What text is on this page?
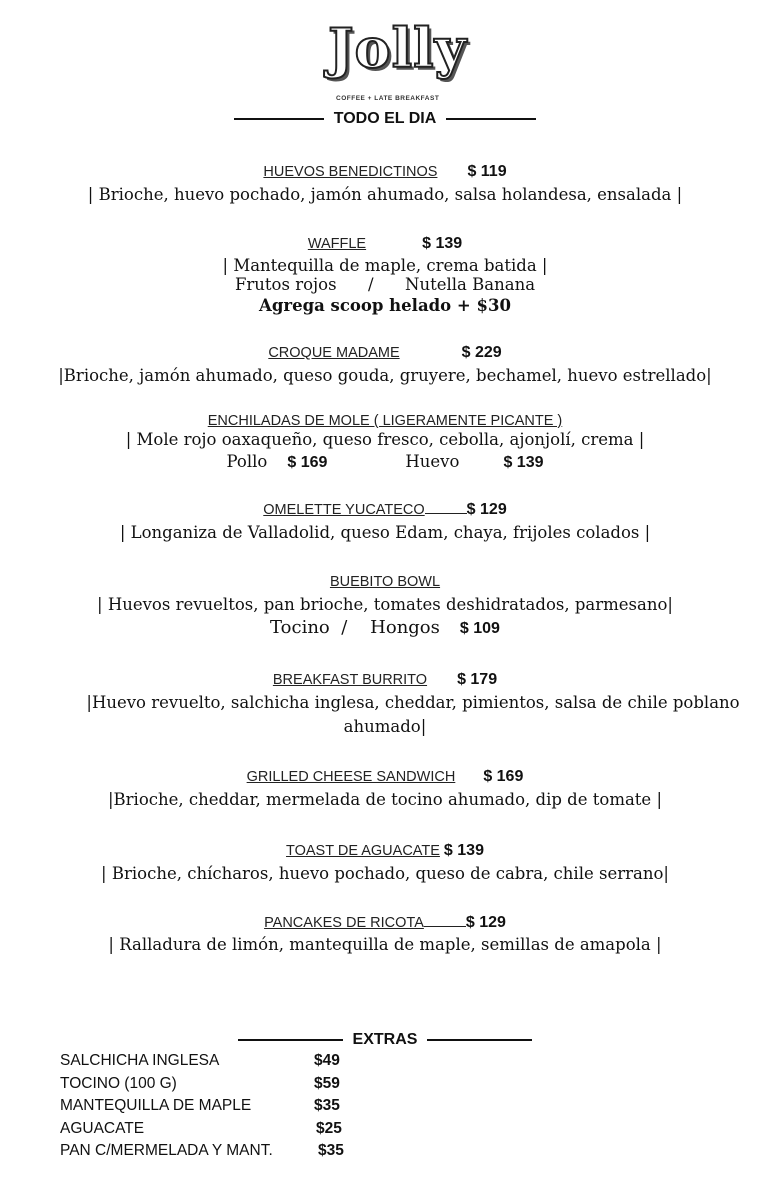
Jolly
COFFEE + LATE BREAKFAST
TODO EL DIA
HUEVOS BENEDICTINOS $ 119
| Brioche, huevo pochado, jamón ahumado, salsa holandesa, ensalada |
WAFFLE	$ 139
| Mantequilla de maple, crema batida |
Frutos rojos      /      Nutella Banana
Agrega scoop helado + $30
CROQUE MADAME	$ 229
|Brioche, jamón ahumado, queso gouda, gruyere, bechamel, huevo estrellado|
ENCHILADAS DE MOLE ( LIGERAMENTE PICANTE )
| Mole rojo oaxaqueño, queso fresco, cebolla, ajonjolí, crema |
Pollo $ 169	Huevo	$ 139
OMELETTE YUCATECO	$ 129
| Longaniza de Valladolid, queso Edam, chaya, frijoles colados |
BUEBITO BOWL
| Huevos revueltos, pan brioche, tomates deshidratados, parmesano|
Tocino  /    Hongos $ 109
BREAKFAST BURRITO $ 179
|Huevo revuelto, salchicha inglesa, cheddar, pimientos, salsa de chile poblano
ahumado|
GRILLED CHEESE SANDWICH $ 169
|Brioche, cheddar, mermelada de tocino ahumado, dip de tomate |
TOAST DE AGUACATE $ 139
| Brioche, chícharos, huevo pochado, queso de cabra, chile serrano|
PANCAKES DE RICOTA	$ 129
| Ralladura de limón, mantequilla de maple, semillas de amapola |
EXTRAS
SALCHICHA INGLESA	$49
TOCINO (100 G)	$59
MANTEQUILLA DE MAPLE	$35
AGUACATE	$25
PAN C/MERMELADA Y MANT.	$35
